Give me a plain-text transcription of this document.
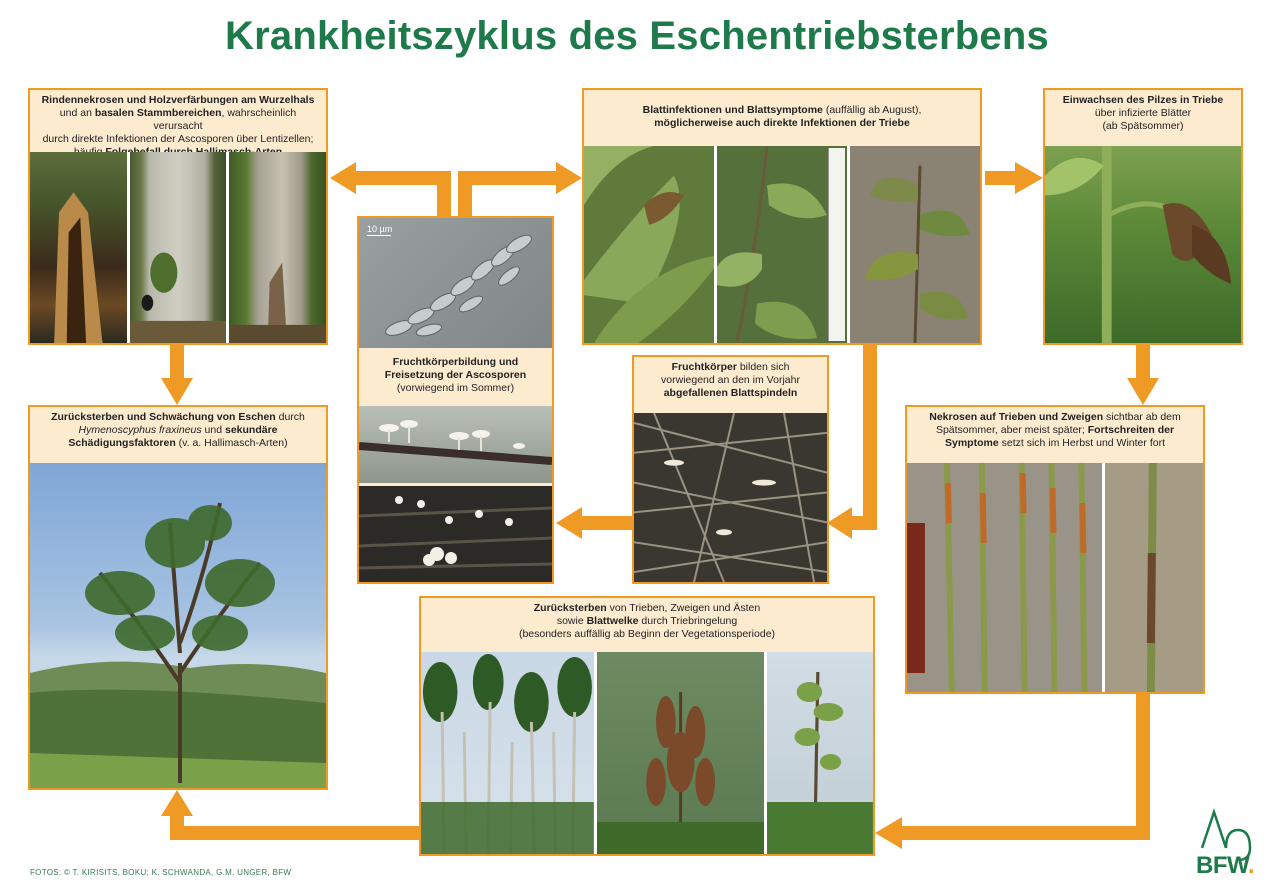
Krankheitszyklus des Eschentriebsterbens
Rindennekrosen und Holzverfärbungen am Wurzelhals
und an basalen Stammbereichen, wahrscheinlich verursacht
durch direkte Infektionen der Ascosporen über Lentizellen;
Blattinfektionen und Blattsymptome (auffällig ab August),
möglicherweise auch direkte Infektionen der Triebe
Einwachsen des Pilzes in Triebe
über infizierte Blätter
(ab Spätsommer)
10 µm
Fruchtkörperbildung und
Freisetzung der Ascosporen
(vorwiegend im Sommer)
Fruchtkörper bilden sich
vorwiegend an den im Vorjahr
abgefallenen Blattspindeln
Zurücksterben und Schwächung von Eschen durch
Hymenoscyphus fraxineus und sekundäre
Schädigungsfaktoren (v. a. Hallimasch-Arten)
Nekrosen auf Trieben und Zweigen sichtbar ab dem
Spätsommer, aber meist später; Fortschreiten der
Symptome setzt sich im Herbst und Winter fort
Zurücksterben von Trieben, Zweigen und Ästen
sowie Blattwelke durch Triebringelung
(besonders auffällig ab Beginn der Vegetationsperiode)
FOTOS: © T. KIRISITS, BOKU; K. SCHWANDA, G.M. UNGER, BFW	BFW.
